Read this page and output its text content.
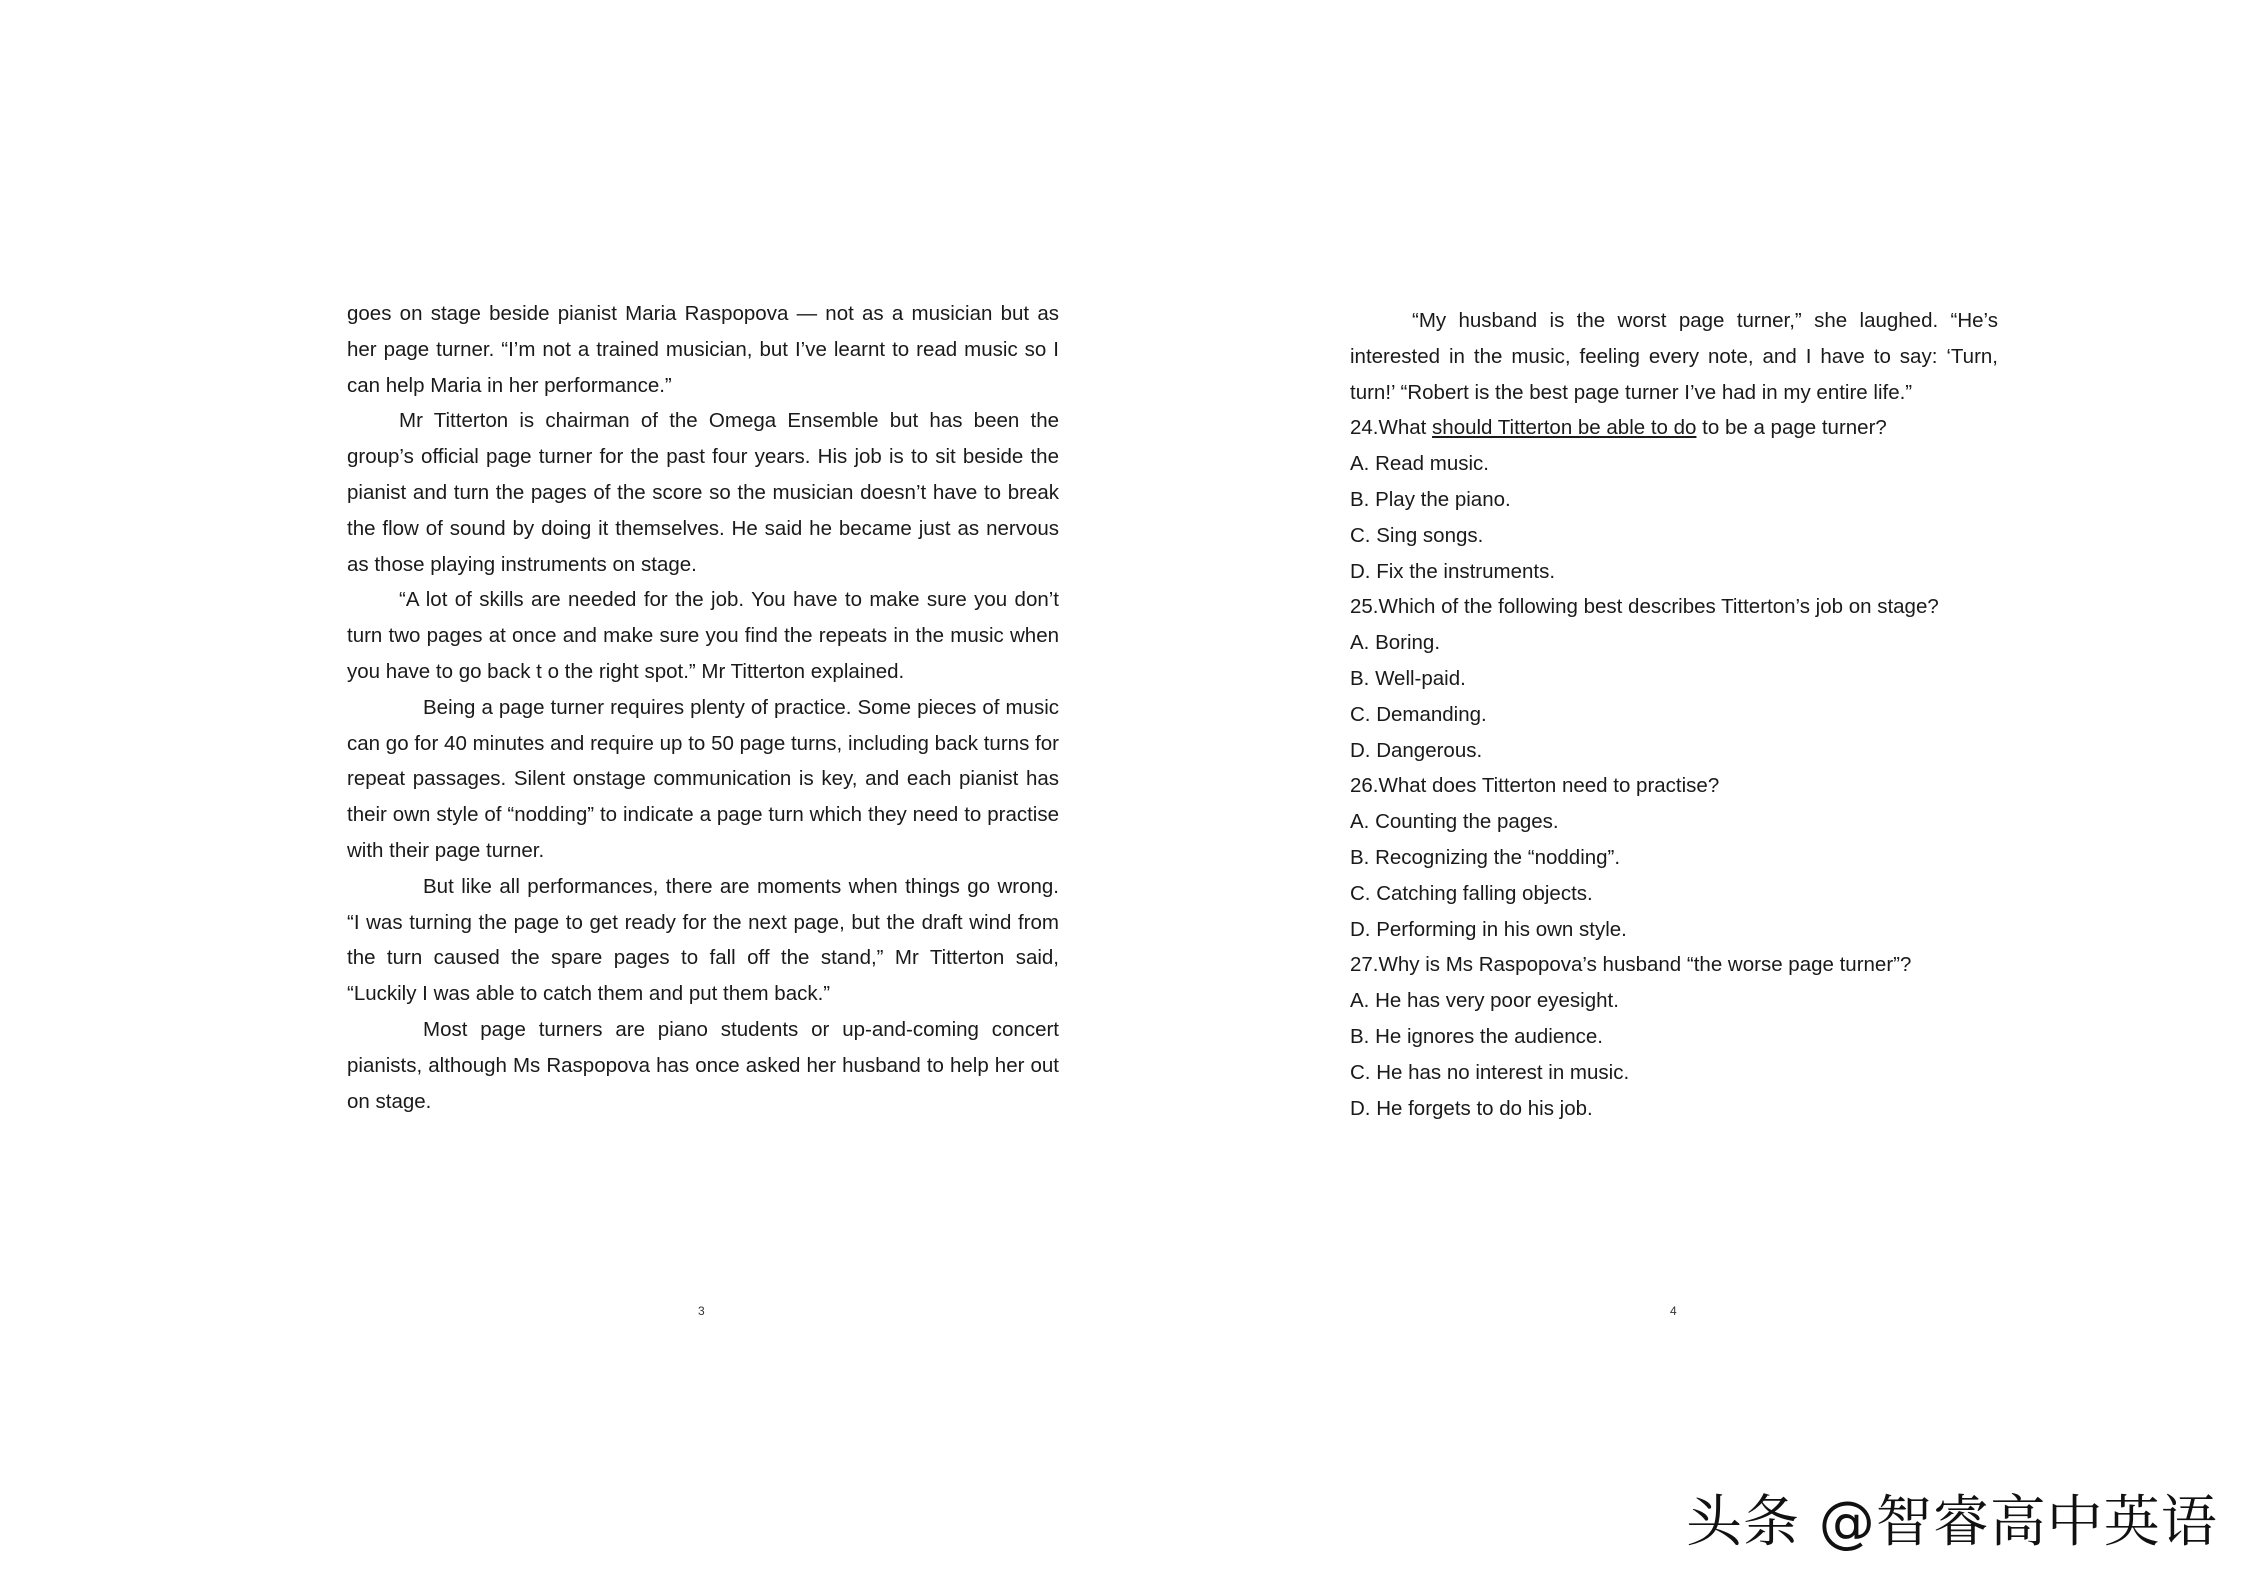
goes on stage beside pianist Maria Raspopova — not as a musician but as her page turner. “I’m not a trained musician, but I’ve learnt to read music so I can help Maria in her performance.”

Mr Titterton is chairman of the Omega Ensemble but has been the group’s official page turner for the past four years. His job is to sit beside the pianist and turn the pages of the score so the musician doesn’t have to break the flow of sound by doing it themselves. He said he became just as nervous as those playing instruments on stage.

“A lot of skills are needed for the job. You have to make sure you don’t turn two pages at once and make sure you find the repeats in the music when you have to go back t o the right spot.” Mr Titterton explained.

Being a page turner requires plenty of practice. Some pieces of music can go for 40 minutes and require up to 50 page turns, including back turns for repeat passages. Silent onstage communication is key, and each pianist has their own style of “nodding” to indicate a page turn which they need to practise with their page turner.

But like all performances, there are moments when things go wrong. “I was turning the page to get ready for the next page, but the draft wind from the turn caused the spare pages to fall off the stand,” Mr Titterton said, “Luckily I was able to catch them and put them back.”

Most page turners are piano students or up-and-coming concert pianists, although Ms Raspopova has once asked her husband to help her out on stage.

3

“My husband is the worst page turner,” she laughed. “He’s interested in the music, feeling every note, and I have to say: ‘Turn, turn!’ “Robert is the best page turner I’ve had in my entire life.”

24.What should Titterton be able to do to be a page turner?

A. Read music.

B. Play the piano.

C. Sing songs.

D. Fix the instruments.

25.Which of the following best describes Titterton’s job on stage?

A. Boring.

B. Well-paid.

C. Demanding.

D. Dangerous.

26.What does Titterton need to practise?

A. Counting the pages.

B. Recognizing the “nodding”.

C. Catching falling objects.

D. Performing in his own style.

27.Why is Ms Raspopova’s husband “the worse page turner”?

A. He has very poor eyesight.

B. He ignores the audience.

C. He has no interest in music.

D. He forgets to do his job.

4
头条 @智睿高中英语
